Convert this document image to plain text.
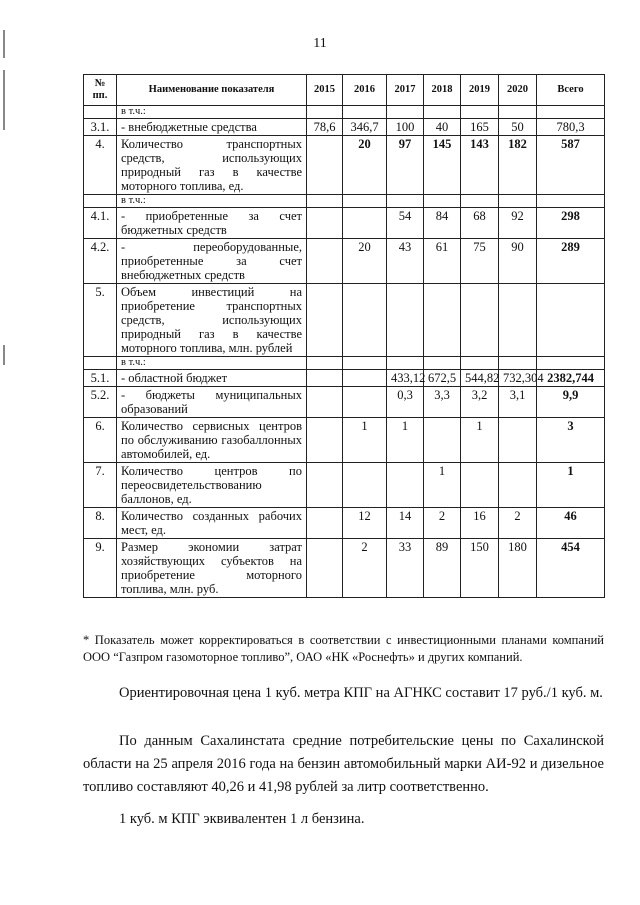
11
№ пп.	Наименование показателя	2015	2016	2017	2018	2019	2020	Всего
	в т.ч.:							
3.1.	- внебюджетные средства	78,6	346,7	100	40	165	50	780,3
4.	Количество транспортных средств, использующих природный газ в качестве моторного топлива, ед.		20	97	145	143	182	587
	в т.ч.:							
4.1.	- приобретенные за счет бюджетных средств			54	84	68	92	298
4.2.	- переоборудованные, приобретенные за счет внебюджетных средств		20	43	61	75	90	289
5.	Объем инвестиций на приобретение транспортных средств, использующих природный газ в качестве моторного топлива, млн. рублей							
	в т.ч.:							
5.1.	- областной бюджет			433,12	672,5	544,82	732,304	2382,744
5.2.	- бюджеты муниципальных образований			0,3	3,3	3,2	3,1	9,9
6.	Количество сервисных центров по обслуживанию газобаллонных автомобилей, ед.		1	1		1		3
7.	Количество центров по переосвидетельствованию баллонов, ед.				1			1
8.	Количество созданных рабочих мест, ед.		12	14	2	16	2	46
9.	Размер экономии затрат хозяйствующих субъектов на приобретение моторного топлива, млн. руб.		2	33	89	150	180	454
* Показатель может корректироваться в соответствии с инвестиционными планами компаний ООО “Газпром газомоторное топливо”, ОАО «НК «Роснефть» и других компаний.
Ориентировочная цена 1 куб. метра КПГ на АГНКС составит 17 руб./1 куб. м.
По данным Сахалинстата средние потребительские цены по Сахалинской области на 25 апреля 2016 года на бензин автомобильный марки АИ-92 и дизельное топливо составляют 40,26 и 41,98 рублей за литр соответственно.
1 куб. м КПГ эквивалентен 1 л бензина.
